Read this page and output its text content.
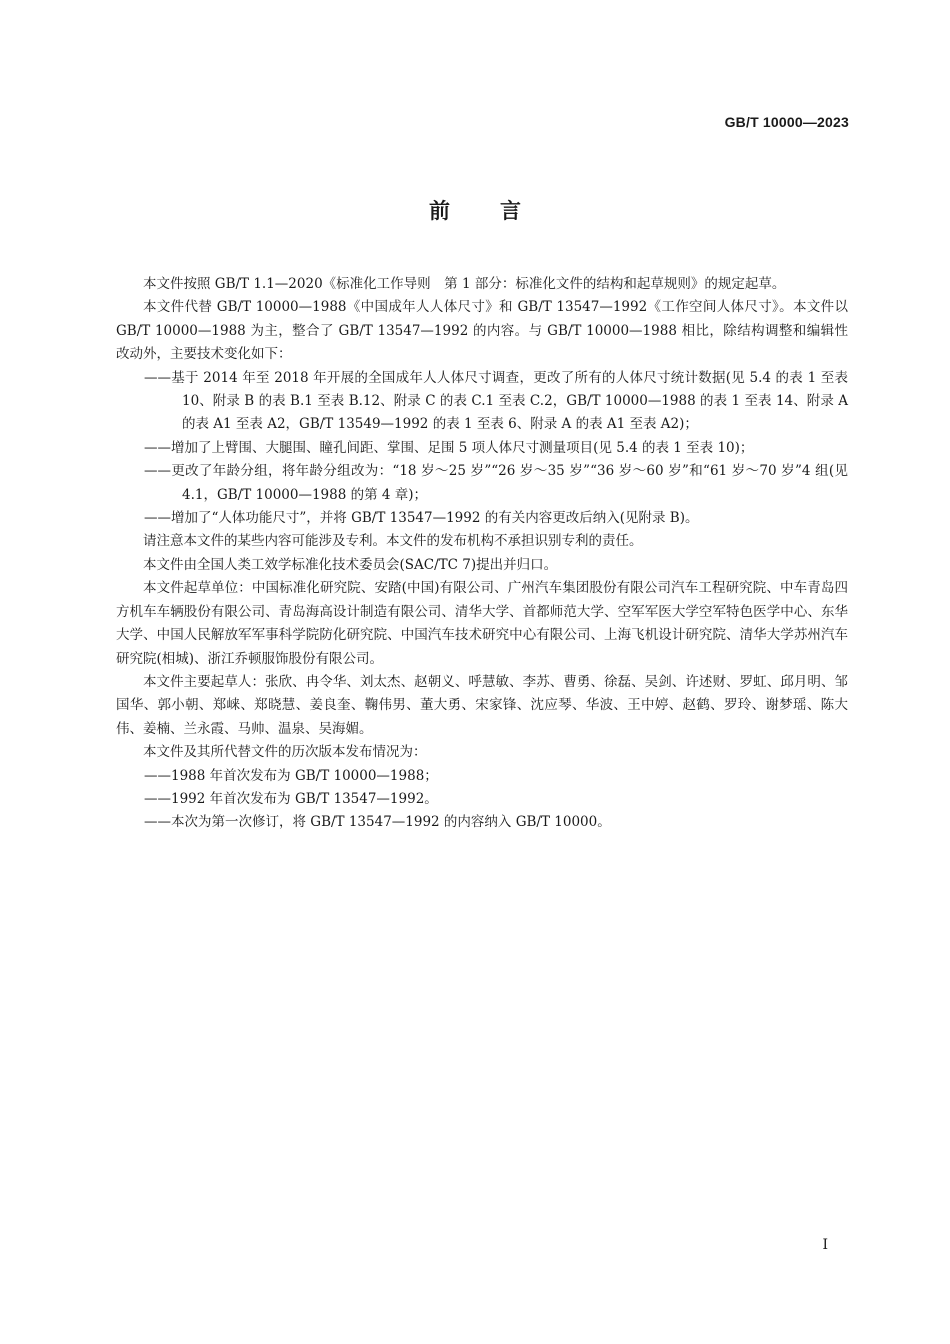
GB/T 10000—2023
前言

本文件按照 GB/T 1.1—2020《标准化工作导则　第 1 部分：标准化文件的结构和起草规则》的规定起草。

本文件代替 GB/T 10000—1988《中国成年人人体尺寸》和 GB/T 13547—1992《工作空间人体尺寸》。本文件以 GB/T 10000—1988 为主，整合了 GB/T 13547—1992 的内容。与 GB/T 10000—1988 相比，除结构调整和编辑性改动外，主要技术变化如下：

——基于 2014 年至 2018 年开展的全国成年人人体尺寸调查，更改了所有的人体尺寸统计数据(见 5.4 的表 1 至表 10、附录 B 的表 B.1 至表 B.12、附录 C 的表 C.1 至表 C.2，GB/T 10000—1988 的表 1 至表 14、附录 A 的表 A1 至表 A2，GB/T 13549—1992 的表 1 至表 6、附录 A 的表 A1 至表 A2)；

——增加了上臂围、大腿围、瞳孔间距、掌围、足围 5 项人体尺寸测量项目(见 5.4 的表 1 至表 10)；

——更改了年龄分组，将年龄分组改为：“18 岁～25 岁”“26 岁～35 岁”“36 岁～60 岁”和“61 岁～70 岁”4 组(见 4.1，GB/T 10000—1988 的第 4 章)；

——增加了“人体功能尺寸”，并将 GB/T 13547—1992 的有关内容更改后纳入(见附录 B)。

请注意本文件的某些内容可能涉及专利。本文件的发布机构不承担识别专利的责任。

本文件由全国人类工效学标准化技术委员会(SAC/TC 7)提出并归口。

本文件起草单位：中国标准化研究院、安踏(中国)有限公司、广州汽车集团股份有限公司汽车工程研究院、中车青岛四方机车车辆股份有限公司、青岛海高设计制造有限公司、清华大学、首都师范大学、空军军医大学空军特色医学中心、东华大学、中国人民解放军军事科学院防化研究院、中国汽车技术研究中心有限公司、上海飞机设计研究院、清华大学苏州汽车研究院(相城)、浙江乔顿服饰股份有限公司。

本文件主要起草人：张欣、冉令华、刘太杰、赵朝义、呼慧敏、李苏、曹勇、徐磊、吴剑、许述财、罗虹、邱月明、邹国华、郭小朝、郑崃、郑晓慧、姜良奎、鞠伟男、董大勇、宋家锋、沈应琴、华波、王中婷、赵鹤、罗玲、谢梦瑶、陈大伟、姜楠、兰永霞、马帅、温泉、吴海媚。

本文件及其所代替文件的历次版本发布情况为：

——1988 年首次发布为 GB/T 10000—1988；

——1992 年首次发布为 GB/T 13547—1992。

——本次为第一次修订，将 GB/T 13547—1992 的内容纳入 GB/T 10000。

I
